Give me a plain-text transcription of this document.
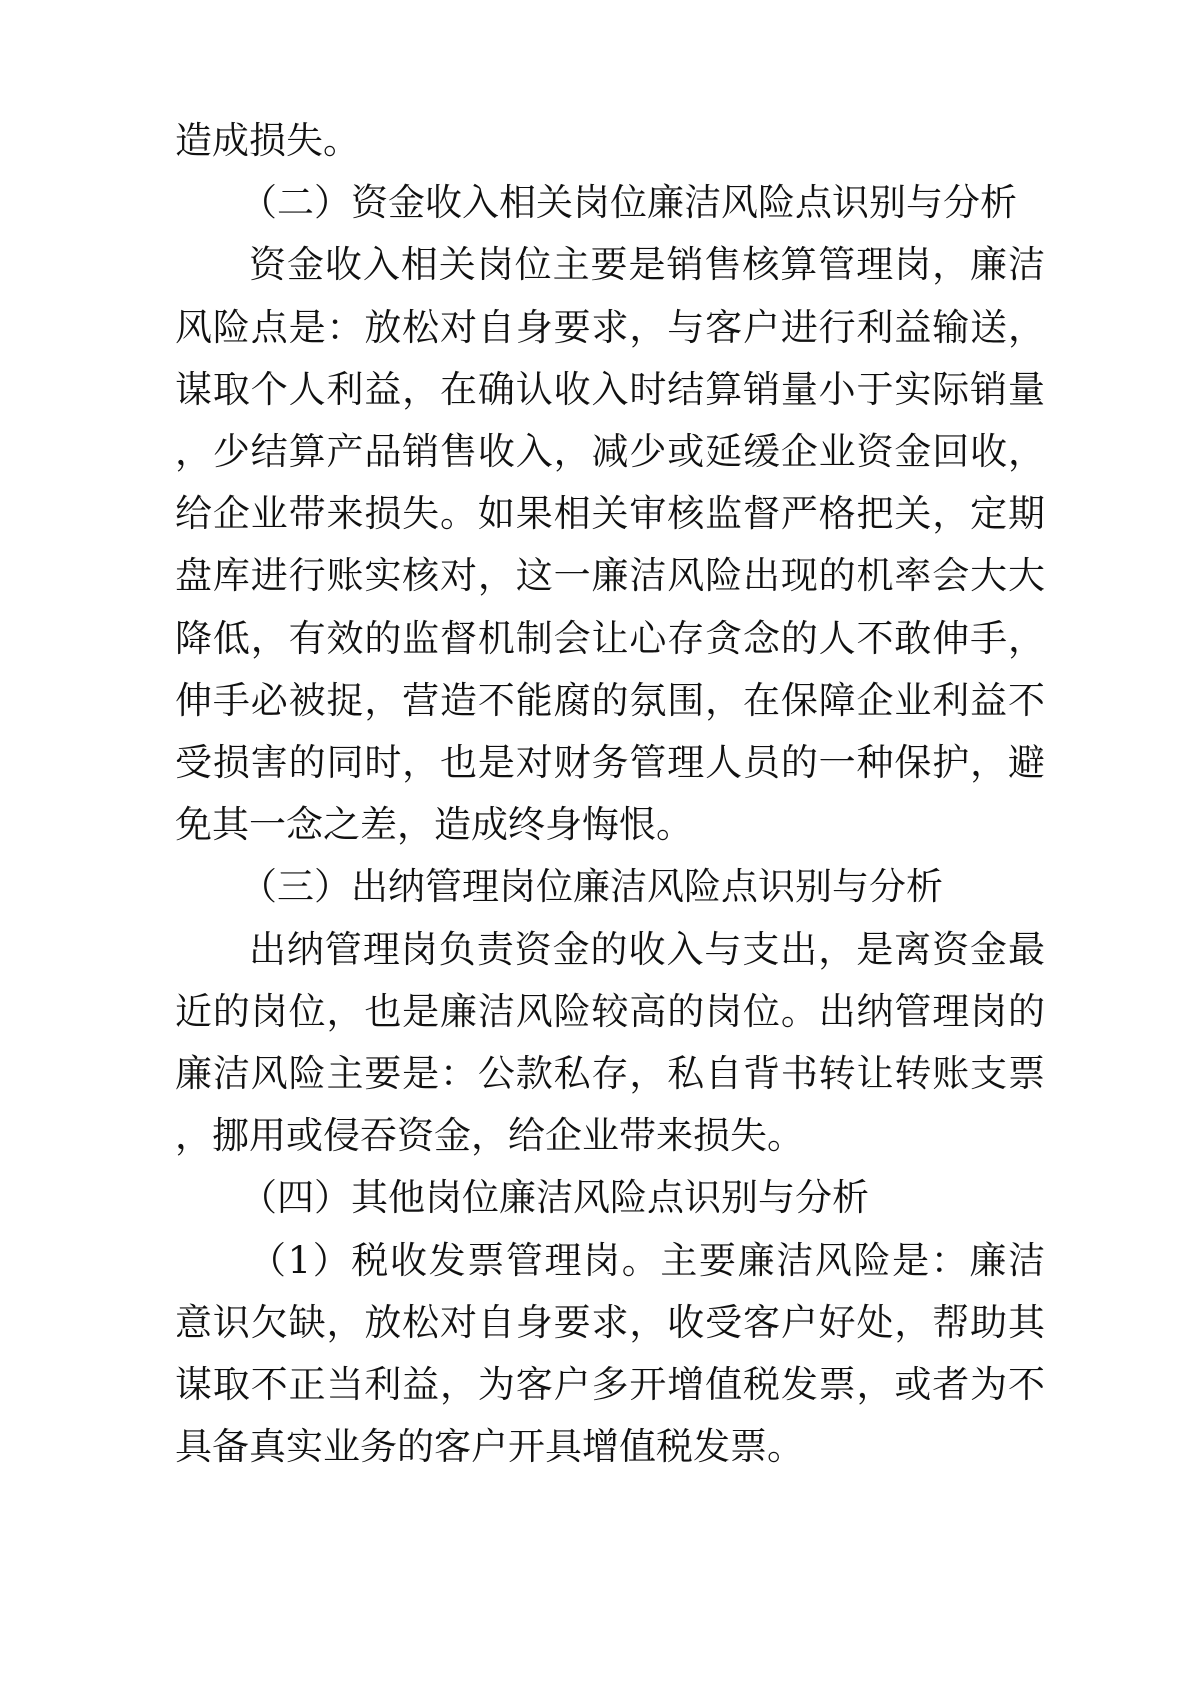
造成损失。

（二）资金收入相关岗位廉洁风险点识别与分析

资金收入相关岗位主要是销售核算管理岗，廉洁风险点是：放松对自身要求，与客户进行利益输送，谋取个人利益，在确认收入时结算销量小于实际销量，少结算产品销售收入，减少或延缓企业资金回收，给企业带来损失。如果相关审核监督严格把关，定期盘库进行账实核对，这一廉洁风险出现的机率会大大降低，有效的监督机制会让心存贪念的人不敢伸手，伸手必被捉，营造不能腐的氛围，在保障企业利益不受损害的同时，也是对财务管理人员的一种保护，避免其一念之差，造成终身悔恨。

（三）出纳管理岗位廉洁风险点识别与分析

出纳管理岗负责资金的收入与支出，是离资金最近的岗位，也是廉洁风险较高的岗位。出纳管理岗的廉洁风险主要是：公款私存，私自背书转让转账支票，挪用或侵吞资金，给企业带来损失。

（四）其他岗位廉洁风险点识别与分析

（1）税收发票管理岗。主要廉洁风险是：廉洁意识欠缺，放松对自身要求，收受客户好处，帮助其谋取不正当利益，为客户多开增值税发票，或者为不具备真实业务的客户开具增值税发票。
